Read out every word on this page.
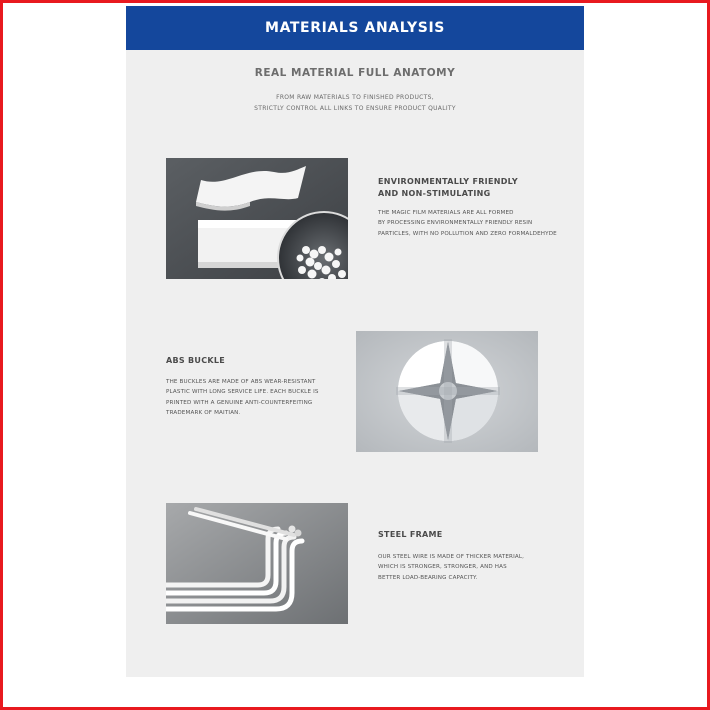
MATERIALS ANALYSIS
REAL MATERIAL FULL ANATOMY
FROM RAW MATERIALS TO FINISHED PRODUCTS,
STRICTLY CONTROL ALL LINKS TO ENSURE PRODUCT QUALITY
ENVIRONMENTALLY FRIENDLY
AND NON-STIMULATING
THE MAGIC FILM MATERIALS ARE ALL FORMED
BY PROCESSING ENVIRONMENTALLY FRIENDLY RESIN
PARTICLES, WITH NO POLLUTION AND ZERO FORMALDEHYDE
ABS BUCKLE
THE BUCKLES ARE MADE OF ABS WEAR-RESISTANT
PLASTIC WITH LONG SERVICE LIFE. EACH BUCKLE IS
PRINTED WITH A GENUINE ANTI-COUNTERFEITING
TRADEMARK OF MAITIAN.
STEEL FRAME
OUR STEEL WIRE IS MADE OF THICKER MATERIAL,
WHICH IS STRONGER, STRONGER, AND HAS
BETTER LOAD-BEARING CAPACITY.
